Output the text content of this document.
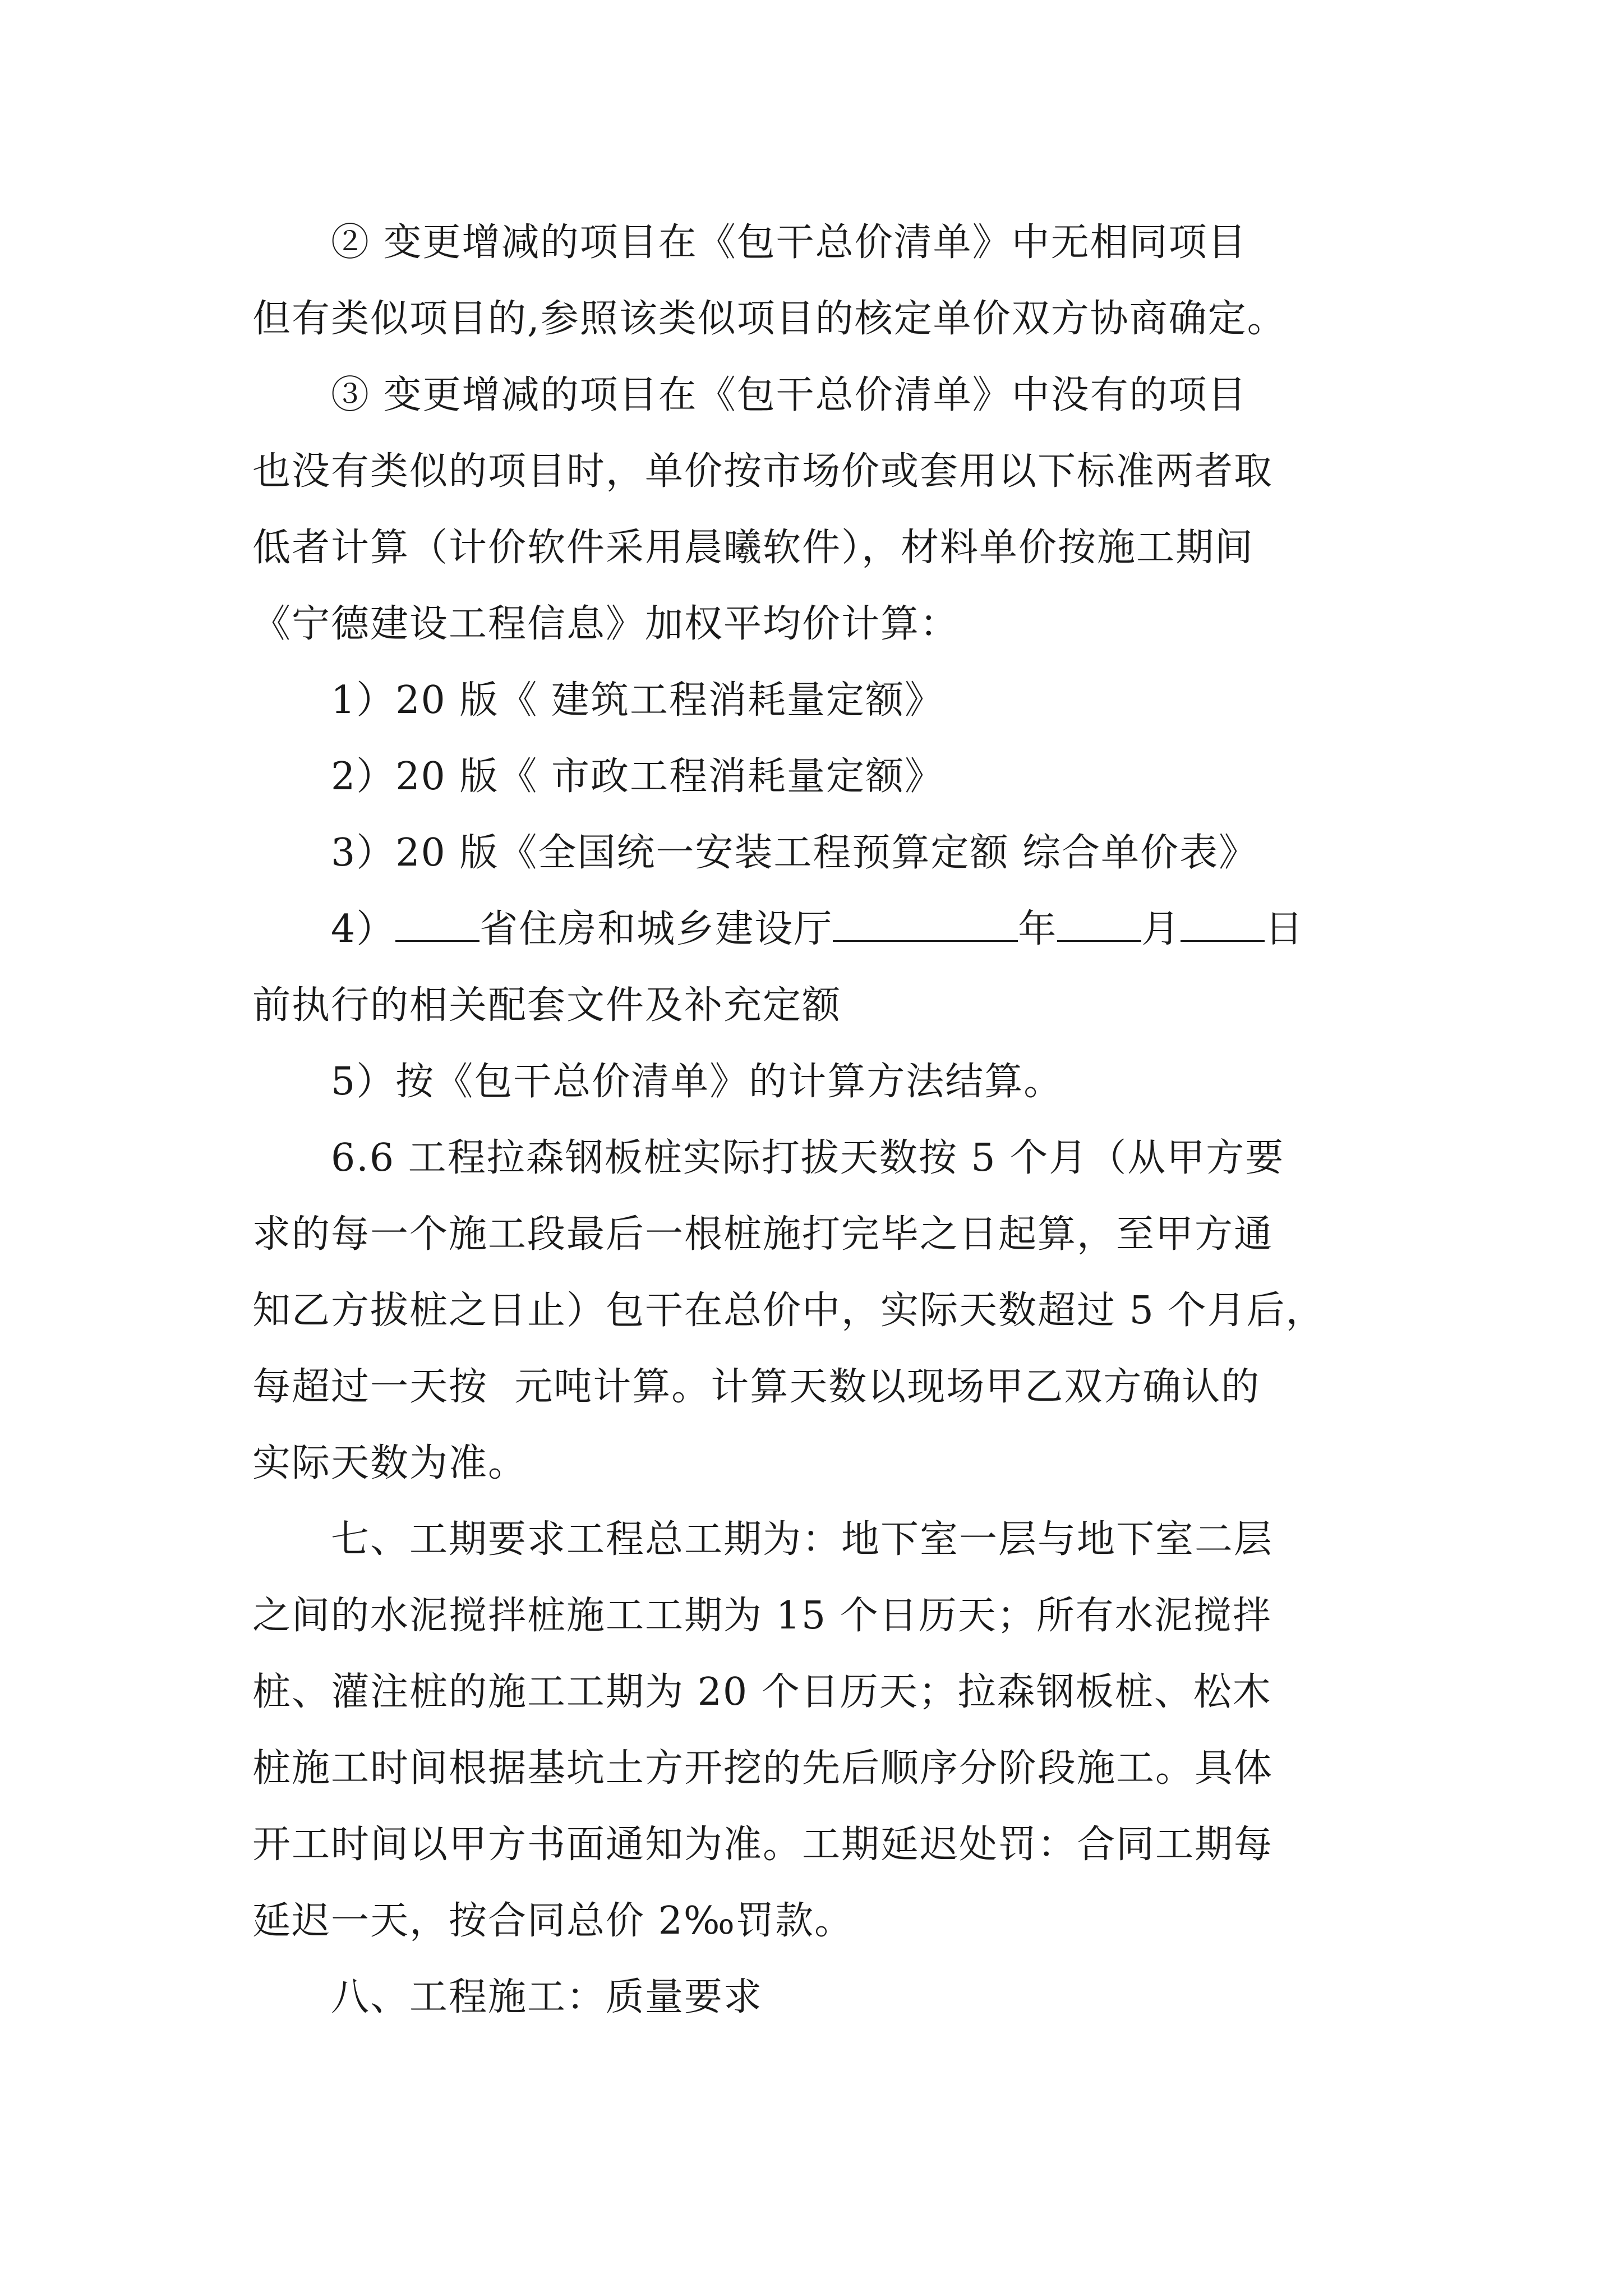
　　② 变更增减的项目在《包干总价清单》中无相同项目
但有类似项目的,参照该类似项目的核定单价双方协商确定。
　　③ 变更增减的项目在《包干总价清单》中没有的项目
也没有类似的项目时，单价按市场价或套用以下标准两者取
低者计算（计价软件采用晨曦软件），材料单价按施工期间
《宁德建设工程信息》加权平均价计算：
　　1）20 版《 建筑工程消耗量定额》
　　2）20 版《 市政工程消耗量定额》
　　3）20 版《全国统一安装工程预算定额 综合单价表》
　　4） 省住房和城乡建设厅	年 月 日
前执行的相关配套文件及补充定额
　　5）按《包干总价清单》的计算方法结算。
　　6.6 工程拉森钢板桩实际打拔天数按 5 个月（从甲方要
求的每一个施工段最后一根桩施打完毕之日起算，至甲方通
知乙方拔桩之日止）包干在总价中，实际天数超过 5 个月后，
每超过一天按  元吨计算。计算天数以现场甲乙双方确认的
实际天数为准。
　　七、工期要求工程总工期为：地下室一层与地下室二层
之间的水泥搅拌桩施工工期为 15 个日历天；所有水泥搅拌
桩、灌注桩的施工工期为 20 个日历天；拉森钢板桩、松木
桩施工时间根据基坑土方开挖的先后顺序分阶段施工。具体
开工时间以甲方书面通知为准。工期延迟处罚：合同工期每
延迟一天，按合同总价 2‰罚款。
　　八、工程施工：质量要求
